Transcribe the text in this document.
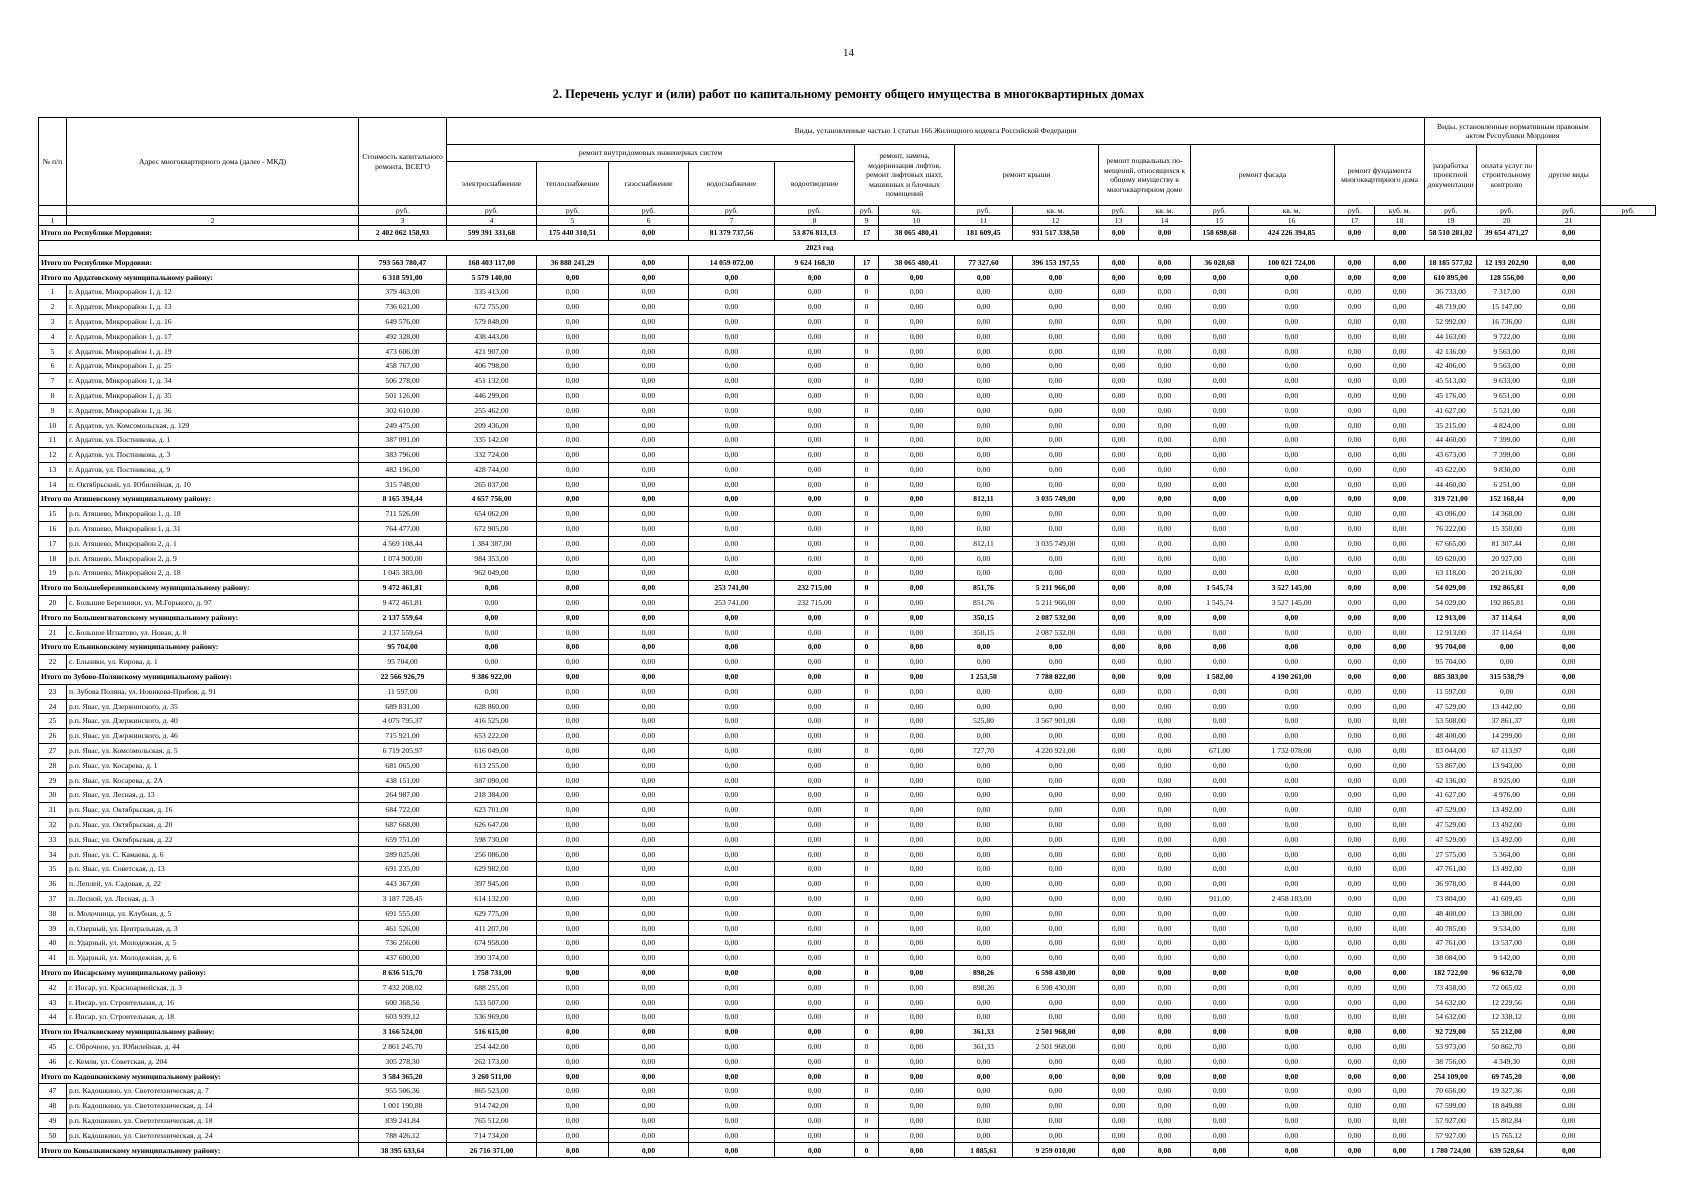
14
2. Перечень услуг и (или) работ по капитальному ремонту общего имущества в многоквартирных домах
№ п/п	Адрес многоквартирного дома (далее - МКД)	Стоимость капитального ремонта, ВСЕГО	Виды, установленные частью 1 статьи 166 Жилищного кодекса Российской Федерации															Виды, установленные нормативным правовым актом Республики Мордовия			
			ремонт внутридомовых инженерных систем					ремонт, замена, модернизация лифтов, ремонт лифтовых шахт, машинных и блочных помещений		ремонт крыши		ремонт подвальных по- мещений, относящихся к общему имуществу в многоквартирном доме		ремонт фасада		ремонт фундамента многоквартирного дома		разработка проектной документации	оплата услуг по строительному контролю	другие виды	
			электроснабжение	теплоснабжение	газоснабжение	водоснабжение	водоотведение														
		руб.	руб.	руб.	руб.	руб.	руб.	руб.	ед.	руб.	кв. м.	руб.	кв. м.	руб.	кв. м.	руб.	куб. м.	руб.	руб.	руб.	руб.
1	2	3	4	5	6	7	8	9	10	11	12	13	14	15	16	17	18	19	20	21	
Итого по Республике Мордовия:		2 402 062 158,93	599 391 331,68	175 440 310,51	0,00	81 379 737,56	53 876 813,13	17	38 065 480,41	181 609,45	931 517 338,50	0,00	0,00	158 698,68	424 226 394,85	0,00	0,00	58 510 281,02	39 654 471,27	0,00	
2023 год																					
Итого по Республике Мордовия:		793 563 780,47	168 403 117,00	36 888 241,29	0,00	14 059 072,00	9 624 168,30	17	38 065 480,41	77 327,60	396 153 197,55	0,00	0,00	36 028,68	100 021 724,00	0,00	0,00	18 185 577,02	12 193 202,90	0,00	
Итого по Ардатовскому муниципальному району:		6 318 591,00	5 579 140,00	0,00	0,00	0,00	0,00	0	0,00	0,00	0,00	0,00	0,00	0,00	0,00	0,00	0,00	610 895,00	128 556,00	0,00	
1	г. Ардатов, Микрорайон 1, д. 12	379 463,00	335 413,00	0,00	0,00	0,00	0,00	0	0,00	0,00	0,00	0,00	0,00	0,00	0,00	0,00	0,00	36 733,00	7 317,00	0,00	
2	г. Ардатов, Микрорайон 1, д. 13	736 621,00	672 755,00	0,00	0,00	0,00	0,00	0	0,00	0,00	0,00	0,00	0,00	0,00	0,00	0,00	0,00	48 719,00	15 147,00	0,00	
3	г. Ардатов, Микрорайон 1, д. 16	649 576,00	579 848,00	0,00	0,00	0,00	0,00	0	0,00	0,00	0,00	0,00	0,00	0,00	0,00	0,00	0,00	52 992,00	16 736,00	0,00	
4	г. Ардатов, Микрорайон 1, д. 17	492 328,00	438 443,00	0,00	0,00	0,00	0,00	0	0,00	0,00	0,00	0,00	0,00	0,00	0,00	0,00	0,00	44 163,00	9 722,00	0,00	
5	г. Ардатов, Микрорайон 1, д. 19	473 606,00	421 907,00	0,00	0,00	0,00	0,00	0	0,00	0,00	0,00	0,00	0,00	0,00	0,00	0,00	0,00	42 136,00	9 563,00	0,00	
6	г. Ардатов, Микрорайон 1, д. 25	458 767,00	406 798,00	0,00	0,00	0,00	0,00	0	0,00	0,00	0,00	0,00	0,00	0,00	0,00	0,00	0,00	42 406,00	9 563,00	0,00	
7	г. Ардатов, Микрорайон 1, д. 34	506 278,00	451 132,00	0,00	0,00	0,00	0,00	0	0,00	0,00	0,00	0,00	0,00	0,00	0,00	0,00	0,00	45 513,00	9 633,00	0,00	
8	г. Ардатов, Микрорайон 1, д. 35	501 126,00	446 299,00	0,00	0,00	0,00	0,00	0	0,00	0,00	0,00	0,00	0,00	0,00	0,00	0,00	0,00	45 176,00	9 651,00	0,00	
9	г. Ардатов, Микрорайон 1, д. 36	302 610,00	255 462,00	0,00	0,00	0,00	0,00	0	0,00	0,00	0,00	0,00	0,00	0,00	0,00	0,00	0,00	41 627,00	5 521,00	0,00	
10	г. Ардатов, ул. Комсомольская, д. 129	249 475,00	209 436,00	0,00	0,00	0,00	0,00	0	0,00	0,00	0,00	0,00	0,00	0,00	0,00	0,00	0,00	35 215,00	4 824,00	0,00	
11	г. Ардатов, ул. Постникова, д. 1	387 091,00	335 142,00	0,00	0,00	0,00	0,00	0	0,00	0,00	0,00	0,00	0,00	0,00	0,00	0,00	0,00	44 460,00	7 399,00	0,00	
12	г. Ардатов, ул. Постникова, д. 3	383 796,00	332 724,00	0,00	0,00	0,00	0,00	0	0,00	0,00	0,00	0,00	0,00	0,00	0,00	0,00	0,00	43 673,00	7 399,00	0,00	
13	г. Ардатов, ул. Постникова, д. 9	482 196,00	428 744,00	0,00	0,00	0,00	0,00	0	0,00	0,00	0,00	0,00	0,00	0,00	0,00	0,00	0,00	43 622,00	9 830,00	0,00	
14	п. Октябрьский, ул. Юбилейная, д. 10	315 748,00	265 037,00	0,00	0,00	0,00	0,00	0	0,00	0,00	0,00	0,00	0,00	0,00	0,00	0,00	0,00	44 460,00	6 251,00	0,00	
Итого по Атяшевскому муниципальному району:		8 165 394,44	4 657 756,00	0,00	0,00	0,00	0,00	0	0,00	812,11	3 035 749,00	0,00	0,00	0,00	0,00	0,00	0,00	319 721,00	152 168,44	0,00	
15	р.п. Атяшево, Микрорайон 1, д. 18	711 526,00	654 062,00	0,00	0,00	0,00	0,00	0	0,00	0,00	0,00	0,00	0,00	0,00	0,00	0,00	0,00	43 096,00	14 368,00	0,00	
16	р.п. Атяшево, Микрорайон 1, д. 31	764 477,00	672 905,00	0,00	0,00	0,00	0,00	0	0,00	0,00	0,00	0,00	0,00	0,00	0,00	0,00	0,00	76 222,00	15 350,00	0,00	
17	р.п. Атяшево, Микрорайон 2, д. 1	4 569 108,44	1 384 387,00	0,00	0,00	0,00	0,00	0	0,00	812,11	3 035 749,00	0,00	0,00	0,00	0,00	0,00	0,00	67 665,00	81 307,44	0,00	
18	р.п. Атяшево, Микрорайон 2, д. 9	1 074 900,00	984 353,00	0,00	0,00	0,00	0,00	0	0,00	0,00	0,00	0,00	0,00	0,00	0,00	0,00	0,00	69 620,00	20 927,00	0,00	
19	р.п. Атяшево, Микрорайон 2, д. 18	1 045 383,00	962 049,00	0,00	0,00	0,00	0,00	0	0,00	0,00	0,00	0,00	0,00	0,00	0,00	0,00	0,00	63 118,00	20 216,00	0,00	
Итого по Большеберезниковскому муниципальному району:		9 472 461,81	0,00	0,00	0,00	253 741,00	232 715,00	0	0,00	851,76	5 211 966,00	0,00	0,00	1 545,74	3 527 145,00	0,00	0,00	54 029,00	192 865,81	0,00	
20	с. Большие Березники, ул. М.Горького, д. 97	9 472 461,81	0,00	0,00	0,00	253 741,00	232 715,00	0	0,00	851,76	5 211 966,00	0,00	0,00	1 545,74	3 527 145,00	0,00	0,00	54 029,00	192 865,81	0,00	
Итого по Большеигнатовскому муниципальному району:		2 137 559,64	0,00	0,00	0,00	0,00	0,00	0	0,00	350,15	2 087 532,00	0,00	0,00	0,00	0,00	0,00	0,00	12 913,00	37 114,64	0,00	
21	с. Большое Игнатово, ул. Новая, д. 8	2 137 559,64	0,00	0,00	0,00	0,00	0,00	0	0,00	350,15	2 087 532,00	0,00	0,00	0,00	0,00	0,00	0,00	12 913,00	37 114,64	0,00	
Итого по Ельниковскому муниципальному району:		95 704,00	0,00	0,00	0,00	0,00	0,00	0	0,00	0,00	0,00	0,00	0,00	0,00	0,00	0,00	0,00	95 704,00	0,00	0,00	
22	с. Ельники, ул. Кирова, д. 1	95 704,00	0,00	0,00	0,00	0,00	0,00	0	0,00	0,00	0,00	0,00	0,00	0,00	0,00	0,00	0,00	95 704,00	0,00	0,00	
Итого по Зубово-Полянскому муниципальному району:		22 566 926,79	9 386 922,00	0,00	0,00	0,00	0,00	0	0,00	1 253,50	7 788 822,00	0,00	0,00	1 582,00	4 190 261,00	0,00	0,00	885 383,00	315 538,79	0,00	
23	п. Зубова Поляна, ул. Новикова-Прибоя, д. 91	11 597,00	0,00	0,00	0,00	0,00	0,00	0	0,00	0,00	0,00	0,00	0,00	0,00	0,00	0,00	0,00	11 597,00	0,00	0,00	
24	р.п. Явас, ул. Дзержинского, д. 35	689 831,00	628 860,00	0,00	0,00	0,00	0,00	0	0,00	0,00	0,00	0,00	0,00	0,00	0,00	0,00	0,00	47 529,00	13 442,00	0,00	
25	р.п. Явас, ул. Дзержинского, д. 40	4 075 795,37	416 525,00	0,00	0,00	0,00	0,00	0	0,00	525,80	3 567 901,00	0,00	0,00	0,00	0,00	0,00	0,00	53 508,00	37 861,37	0,00	
26	р.п. Явас, ул. Дзержинского, д. 46	715 921,00	653 222,00	0,00	0,00	0,00	0,00	0	0,00	0,00	0,00	0,00	0,00	0,00	0,00	0,00	0,00	48 400,00	14 299,00	0,00	
27	р.п. Явас, ул. Комсомольская, д. 5	6 719 205,97	616 049,00	0,00	0,00	0,00	0,00	0	0,00	727,70	4 220 921,00	0,00	0,00	671,00	1 732 078,00	0,00	0,00	83 044,00	67 113,97	0,00	
28	р.п. Явас, ул. Косарева, д. 1	681 065,00	613 255,00	0,00	0,00	0,00	0,00	0	0,00	0,00	0,00	0,00	0,00	0,00	0,00	0,00	0,00	53 867,00	13 943,00	0,00	
29	р.п. Явас, ул. Косарева, д. 2А	438 151,00	387 090,00	0,00	0,00	0,00	0,00	0	0,00	0,00	0,00	0,00	0,00	0,00	0,00	0,00	0,00	42 136,00	8 925,00	0,00	
30	р.п. Явас, ул. Лесная, д. 13	264 987,00	218 384,00	0,00	0,00	0,00	0,00	0	0,00	0,00	0,00	0,00	0,00	0,00	0,00	0,00	0,00	41 627,00	4 976,00	0,00	
31	р.п. Явас, ул. Октябрьская, д. 16	684 722,00	623 701,00	0,00	0,00	0,00	0,00	0	0,00	0,00	0,00	0,00	0,00	0,00	0,00	0,00	0,00	47 529,00	13 492,00	0,00	
32	р.п. Явас, ул. Октябрьская, д. 20	687 668,00	626 647,00	0,00	0,00	0,00	0,00	0	0,00	0,00	0,00	0,00	0,00	0,00	0,00	0,00	0,00	47 529,00	13 492,00	0,00	
33	р.п. Явас, ул. Октябрьская, д. 22	659 751,00	598 730,00	0,00	0,00	0,00	0,00	0	0,00	0,00	0,00	0,00	0,00	0,00	0,00	0,00	0,00	47 529,00	13 492,00	0,00	
34	р.п. Явас, ул. С. Камаева, д. 6	289 025,00	256 086,00	0,00	0,00	0,00	0,00	0	0,00	0,00	0,00	0,00	0,00	0,00	0,00	0,00	0,00	27 575,00	5 364,00	0,00	
35	р.п. Явас, ул. Советская, д. 13	691 235,00	629 982,00	0,00	0,00	0,00	0,00	0	0,00	0,00	0,00	0,00	0,00	0,00	0,00	0,00	0,00	47 761,00	13 492,00	0,00	
36	п. Леплей, ул. Садовая, д. 22	443 367,00	397 945,00	0,00	0,00	0,00	0,00	0	0,00	0,00	0,00	0,00	0,00	0,00	0,00	0,00	0,00	36 978,00	8 444,00	0,00	
37	п. Лесной, ул. Лесная, д. 3	3 187 728,45	614 132,00	0,00	0,00	0,00	0,00	0	0,00	0,00	0,00	0,00	0,00	911,00	2 458 183,00	0,00	0,00	73 804,00	41 609,45	0,00	
38	п. Молочница, ул. Клубная, д. 5	691 555,00	629 775,00	0,00	0,00	0,00	0,00	0	0,00	0,00	0,00	0,00	0,00	0,00	0,00	0,00	0,00	48 400,00	13 380,00	0,00	
39	п. Озерный, ул. Центральная, д. 3	461 526,00	411 207,00	0,00	0,00	0,00	0,00	0	0,00	0,00	0,00	0,00	0,00	0,00	0,00	0,00	0,00	40 785,00	9 534,00	0,00	
40	п. Ударный, ул. Молодежная, д. 5	736 256,00	674 958,00	0,00	0,00	0,00	0,00	0	0,00	0,00	0,00	0,00	0,00	0,00	0,00	0,00	0,00	47 761,00	13 537,00	0,00	
41	п. Ударный, ул. Молодежная, д. 6	437 600,00	390 374,00	0,00	0,00	0,00	0,00	0	0,00	0,00	0,00	0,00	0,00	0,00	0,00	0,00	0,00	38 084,00	9 142,00	0,00	
Итого по Инсарскому муниципальному району:		8 636 515,70	1 758 731,00	0,00	0,00	0,00	0,00	0	0,00	898,26	6 598 430,00	0,00	0,00	0,00	0,00	0,00	0,00	182 722,00	96 632,70	0,00	
42	г. Инсар, ул. Красноармейская, д. 3	7 432 208,02	688 255,00	0,00	0,00	0,00	0,00	0	0,00	898,26	6 598 430,00	0,00	0,00	0,00	0,00	0,00	0,00	73 458,00	72 065,02	0,00	
43	г. Инсар, ул. Строительная, д. 16	600 368,56	533 507,00	0,00	0,00	0,00	0,00	0	0,00	0,00	0,00	0,00	0,00	0,00	0,00	0,00	0,00	54 632,00	12 229,56	0,00	
44	г. Инсар, ул. Строительная, д. 18	603 939,12	536 969,00	0,00	0,00	0,00	0,00	0	0,00	0,00	0,00	0,00	0,00	0,00	0,00	0,00	0,00	54 632,00	12 338,12	0,00	
Итого по Ичалковскому муниципальному району:		3 166 524,00	516 615,00	0,00	0,00	0,00	0,00	0	0,00	361,33	2 501 968,00	0,00	0,00	0,00	0,00	0,00	0,00	92 729,00	55 212,00	0,00	
45	с. Оброчное, ул. Юбилейная, д. 44	2 861 245,70	254 442,00	0,00	0,00	0,00	0,00	0	0,00	361,33	2 501 968,00	0,00	0,00	0,00	0,00	0,00	0,00	53 973,00	50 862,70	0,00	
46	с. Кемля, ул. Советская, д. 204	305 278,30	262 173,00	0,00	0,00	0,00	0,00	0	0,00	0,00	0,00	0,00	0,00	0,00	0,00	0,00	0,00	38 756,00	4 349,30	0,00	
Итого по Кадошкинскому муниципальному району:		3 584 365,20	3 260 511,00	0,00	0,00	0,00	0,00	0	0,00	0,00	0,00	0,00	0,00	0,00	0,00	0,00	0,00	254 109,00	69 745,20	0,00	
47	р.п. Кадошкино, ул. Светотехническая, д. 7	955 506,36	865 523,00	0,00	0,00	0,00	0,00	0	0,00	0,00	0,00	0,00	0,00	0,00	0,00	0,00	0,00	70 656,00	19 327,36	0,00	
48	р.п. Кадошкино, ул. Светотехническая, д. 14	1 001 190,88	914 742,00	0,00	0,00	0,00	0,00	0	0,00	0,00	0,00	0,00	0,00	0,00	0,00	0,00	0,00	67 599,00	18 849,88	0,00	
49	р.п. Кадошкино, ул. Светотехническая, д. 18	839 241,84	765 512,00	0,00	0,00	0,00	0,00	0	0,00	0,00	0,00	0,00	0,00	0,00	0,00	0,00	0,00	57 927,00	15 802,84	0,00	
50	р.п. Кадошкино, ул. Светотехническая, д. 24	788 426,12	714 734,00	0,00	0,00	0,00	0,00	0	0,00	0,00	0,00	0,00	0,00	0,00	0,00	0,00	0,00	57 927,00	15 765,12	0,00	
Итого по Ковылкинскому муниципальному району:		38 395 633,64	26 716 371,00	0,00	0,00	0,00	0,00	0	0,00	1 885,61	9 259 010,00	0,00	0,00	0,00	0,00	0,00	0,00	1 780 724,00	639 528,64	0,00	
